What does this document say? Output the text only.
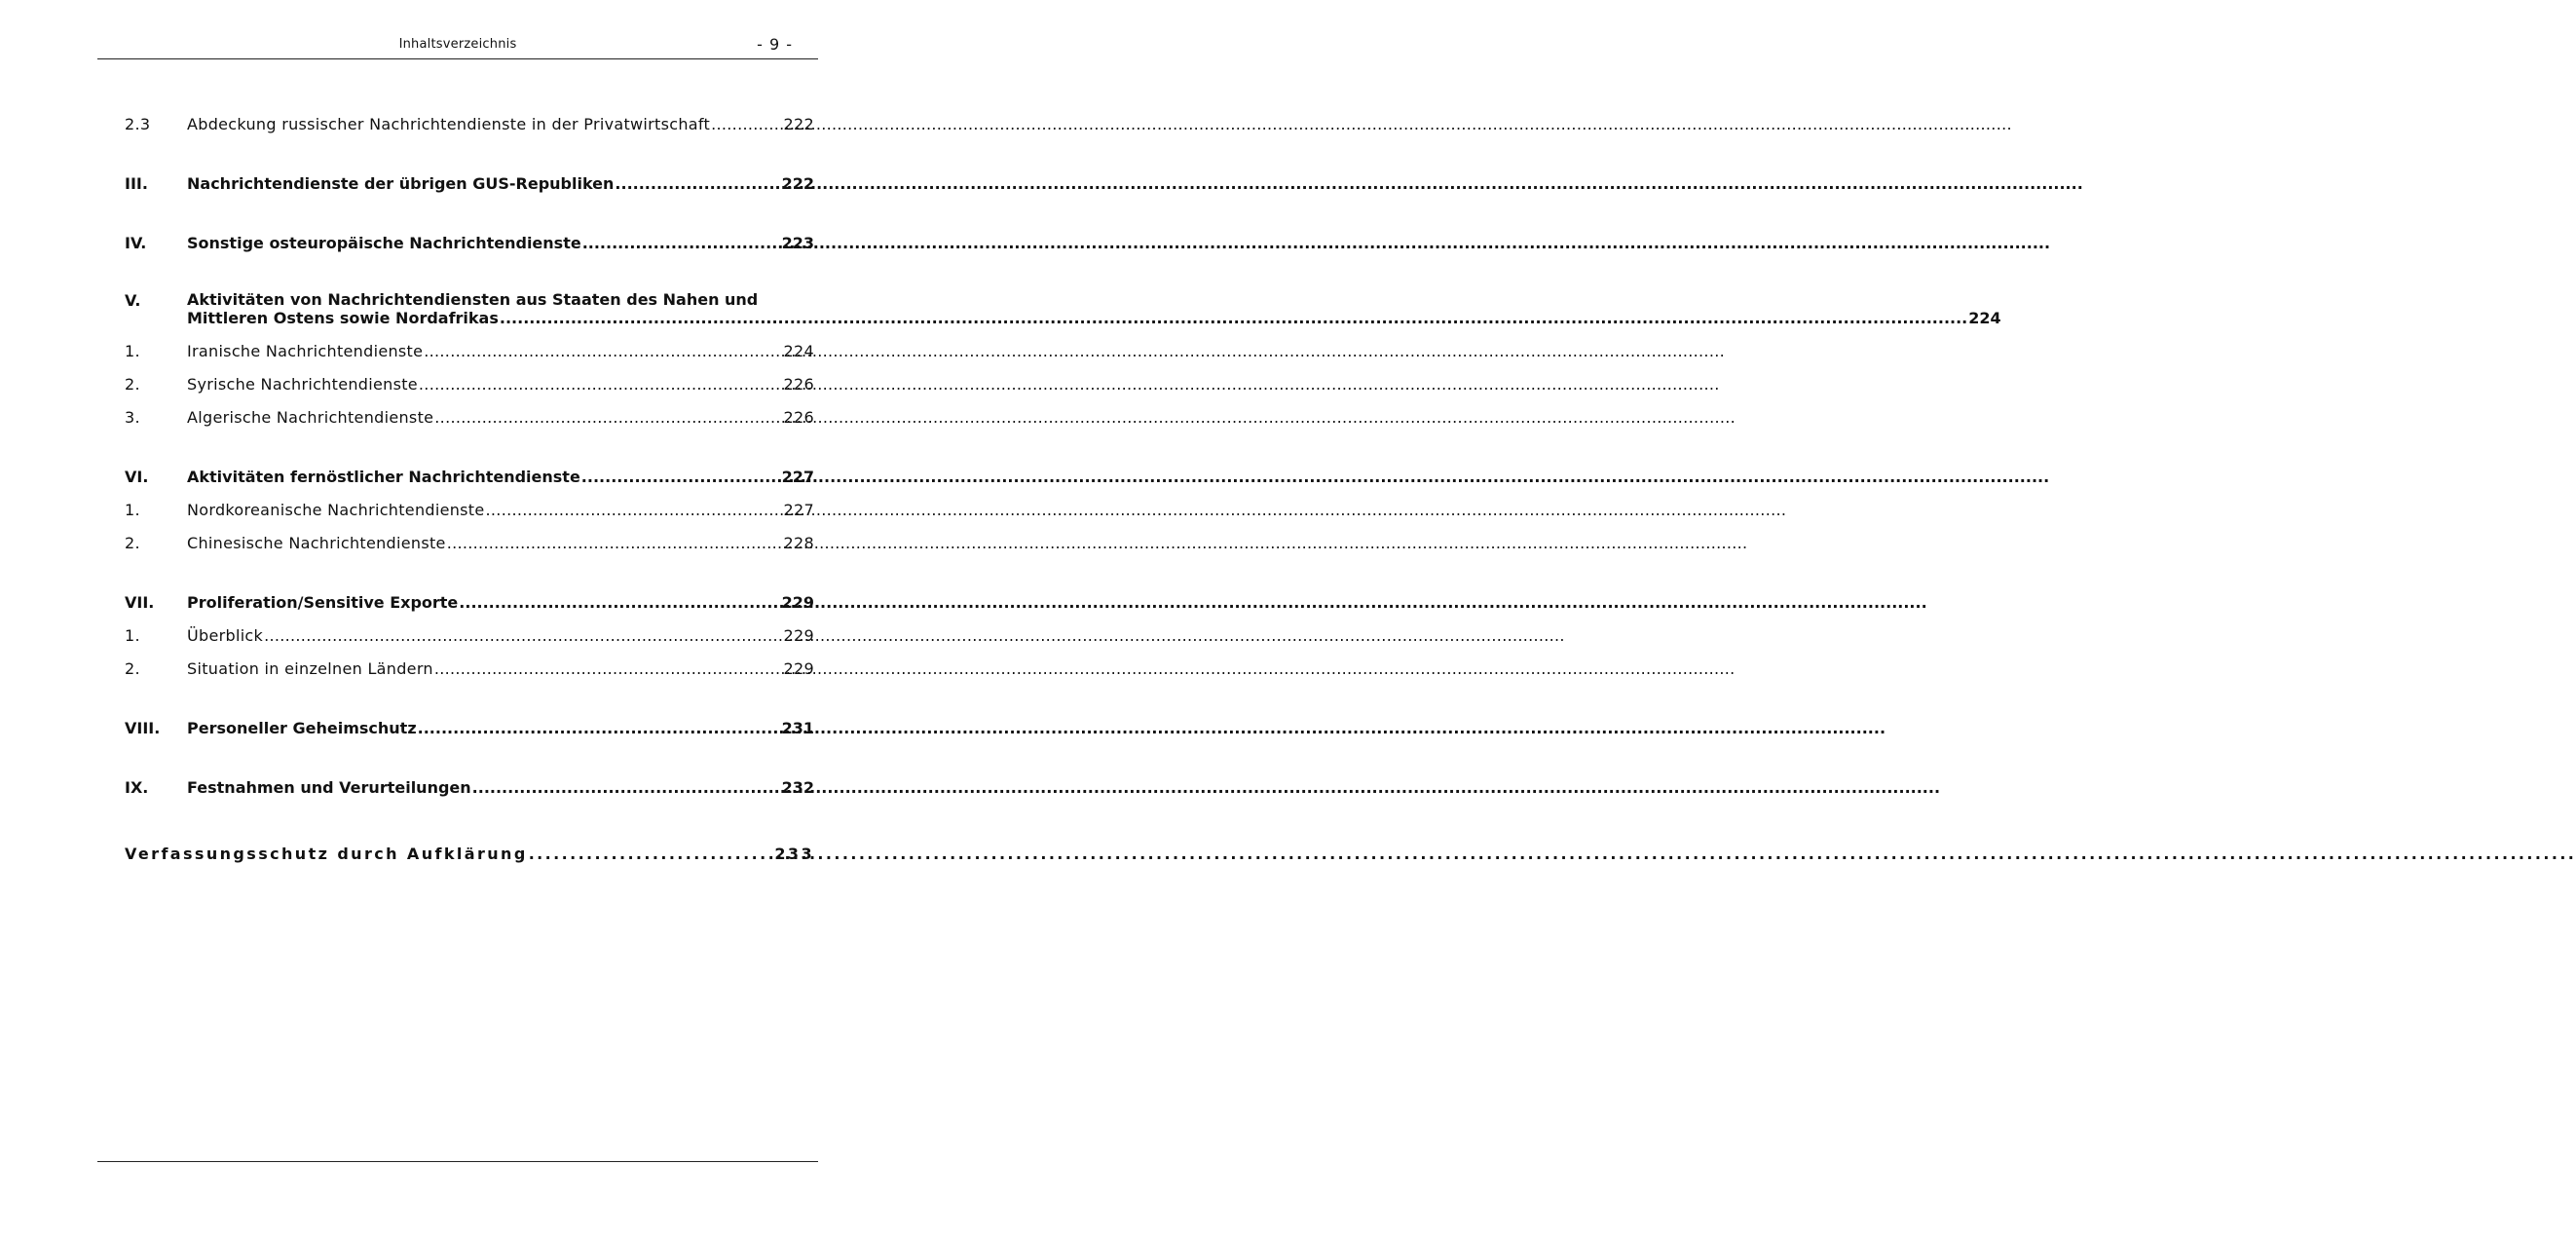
Inhaltsverzeichnis	- 9 -
2.3	Abdeckung russischer Nachrichtendienste in der Privatwirtschaft .....	222
III.	Nachrichtendienste der übrigen GUS-Republiken .....	222
IV.	Sonstige osteuropäische Nachrichtendienste .....	223
V.	Aktivitäten von Nachrichtendiensten aus Staaten des Nahen und
Mittleren Ostens sowie Nordafrikas .....	224
1.	Iranische Nachrichtendienste .....	224
2.	Syrische Nachrichtendienste .....	226
3.	Algerische Nachrichtendienste .....	226
VI.	Aktivitäten fernöstlicher Nachrichtendienste .....	227
1.	Nordkoreanische Nachrichtendienste .....	227
2.	Chinesische Nachrichtendienste .....	228
VII.	Proliferation/Sensitive Exporte .....	229
1.	Überblick .....	229
2.	Situation in einzelnen Ländern .....	229
VIII.	Personeller Geheimschutz .....	231
IX.	Festnahmen und Verurteilungen .....	232
Verfassungsschutz durch Aufklärung .....	233
